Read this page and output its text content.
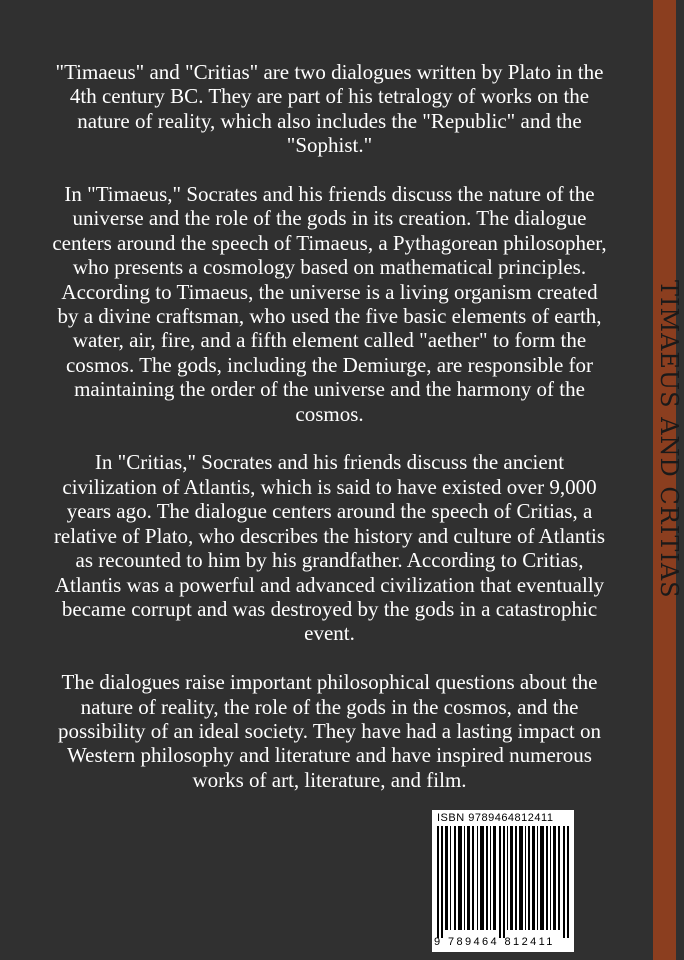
"Timaeus" and "Critias" are two dialogues written by Plato in the 4th century BC. They are part of his tetralogy of works on the nature of reality, which also includes the "Republic" and the "Sophist."

In "Timaeus," Socrates and his friends discuss the nature of the universe and the role of the gods in its creation. The dialogue centers around the speech of Timaeus, a Pythagorean philosopher, who presents a cosmology based on mathematical principles. According to Timaeus, the universe is a living organism created by a divine craftsman, who used the five basic elements of earth, water, air, fire, and a fifth element called "aether" to form the cosmos. The gods, including the Demiurge, are responsible for maintaining the order of the universe and the harmony of the cosmos.

In "Critias," Socrates and his friends discuss the ancient civilization of Atlantis, which is said to have existed over 9,000 years ago. The dialogue centers around the speech of Critias, a relative of Plato, who describes the history and culture of Atlantis as recounted to him by his grandfather. According to Critias, Atlantis was a powerful and advanced civilization that eventually became corrupt and was destroyed by the gods in a catastrophic event.

The dialogues raise important philosophical questions about the nature of reality, the role of the gods in the cosmos, and the possibility of an ideal society. They have had a lasting impact on Western philosophy and literature and have inspired numerous works of art, literature, and film.

TIMAEUS AND CRITIAS
ISBN 9789464812411
9 789464 812411
